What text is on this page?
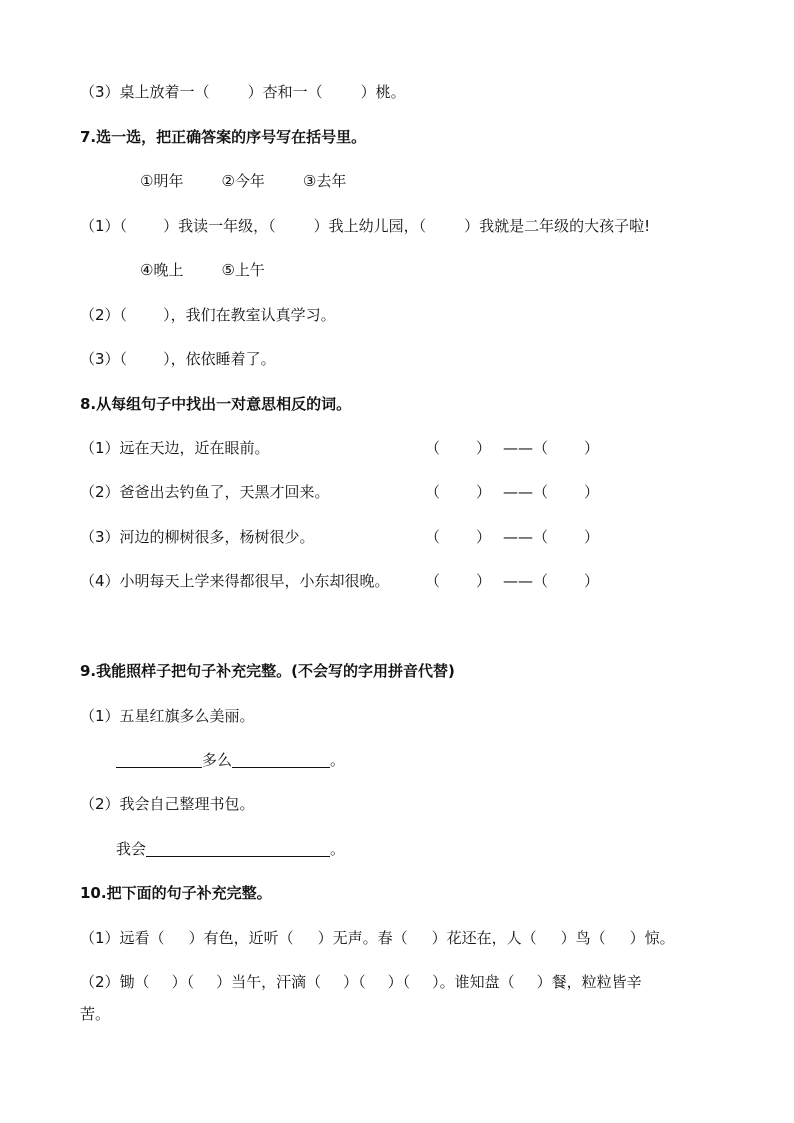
（3）桌上放着一（	）杏和一（	）桃。
7.选一选，把正确答案的序号写在括号里。
①明年	②今年	③去年
（1）（ ）我读一年级，（	）我上幼儿园，（	）我就是二年级的大孩子啦!
④晚上	⑤上午
（2）（ ），我们在教室认真学习。
（3）（ ），依依睡着了。
8.从每组句子中找出一对意思相反的词。
（1）远在天边，近在眼前。	（ ） ——（ ）
（2）爸爸出去钓鱼了，天黑才回来。	（ ） ——（ ）
（3）河边的柳树很多，杨树很少。	（ ） ——（ ）
（4）小明每天上学来得都很早，小东却很晚。 （ ） ——（ ）
9.我能照样子把句子补充完整。(不会写的字用拼音代替)
（1）五星红旗多么美丽。
多么	。
（2）我会自己整理书包。
我会	。
10.把下面的句子补充完整。
（1）远看（ ）有色，近听（ ）无声。春（ ）花还在，人（ ）鸟（ ）惊。
（2）锄（ ）（ ）当午，汗滴（ ）（ ）（ ）。谁知盘（ ）餐，粒粒皆辛
苦。
